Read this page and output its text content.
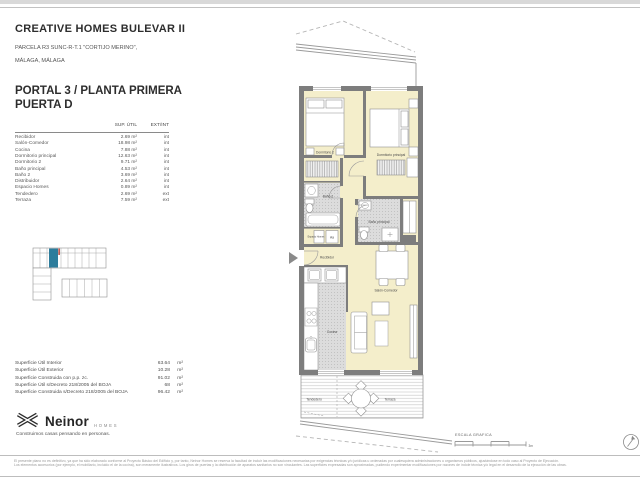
Dormitorio 2
Dormitorio principal
Baño 2
Baño principal
Espacio Homes Aa
Recibidor
Salón-Comedor
Cocina
Tendedero	Terraza
ESCALA GRAFICA
3m
CREATIVE HOMES BULEVAR II
PARCELA R3 SUNC-R-T.1 "CORTIJO MERINO",
MÁLAGA, MÁLAGA
PORTAL 3 / PLANTA PRIMERA
PUERTA D
SUP. ÚTIL	EXT/INT
Recibidor	2.69 m²	int
Salón-Comedor	18.98 m²	int
Cocina	7.88 m²	int
Dormitorio principal	12.63 m²	int
Dormitorio 2	9.71 m²	int
Baño principal	4.53 m²	int
Baño 2	3.69 m²	int
Distribuidor	2.64 m²	int
Espacio Homes	0.89 m²	int
Tendedero	2.69 m²	ext
Terraza	7.59 m²	ext
Superficie Útil Interior	63.64	m²
Superficie Útil Exterior	10.28	m²
Superficie Construida con p.p. zc.	91.02	m²
Superficie Útil s/Decreto 218/2005 del BOJA	68	m²
Superficie Construida s/Decreto 218/2005 del BOJA	96.42	m²
Neinor HOMES
Construimos casas pensando en personas.
El presente plano no es definitivo, ya que ha sido elaborado conforme al Proyecto Básico del Edificio y, por tanto, Neinor Homes se reserva la facultad de incluir las modificaciones necesarias por exigencias técnicas y/o jurídicas u ordenadas por cualesquiera administraciones u organismos públicos, ajustándose en todo caso al Proyecto de Ejecución.
Los elementos accesorios (por ejemplo, el mobiliario, incluido el de la cocina), son meramente ilustrativos. Los giros de puertas y la distribución de aparatos sanitarios no son vinculantes. Las superficies expresadas son aproximadas, pudiendo experimentar modificaciones por razones de índole técnica y/o legal en el desarrollo de la ejecución de las obras.
